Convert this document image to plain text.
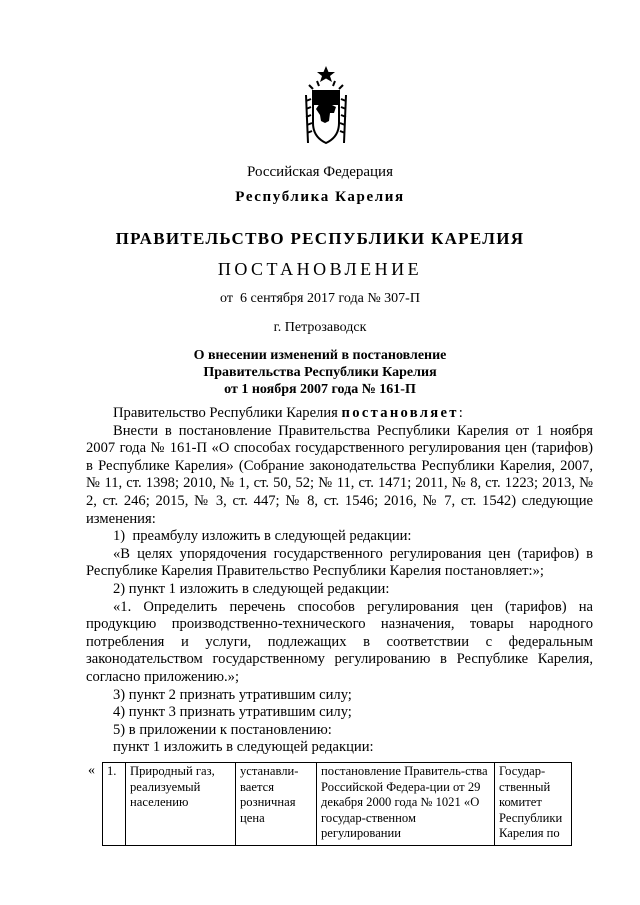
Российская Федерация
Республика Карелия
ПРАВИТЕЛЬСТВО РЕСПУБЛИКИ КАРЕЛИЯ
ПОСТАНОВЛЕНИЕ
от  6 сентября 2017 года № 307-П
г. Петрозаводск
О внесении изменений в постановление
Правительства Республики Карелия
от 1 ноября 2007 года № 161-П

Правительство Республики Карелия постановляет:

Внести в постановление Правительства Республики Карелия от 1 ноября 2007 года № 161-П «О способах государственного регулирования цен (тарифов) в Республике Карелия» (Собрание законодательства Республики Карелия, 2007, № 11, ст. 1398; 2010, № 1, ст. 50, 52; № 11, ст. 1471; 2011, № 8, ст. 1223; 2013, № 2, ст. 246; 2015, № 3, ст. 447; № 8, ст. 1546; 2016, № 7, ст. 1542) следующие изменения:

1)  преамбулу изложить в следующей редакции:

«В целях упорядочения государственного регулирования цен (тарифов) в Республике Карелия Правительство Республики Карелия постановляет:»;

2) пункт 1 изложить в следующей редакции:

«1. Определить перечень способов регулирования цен (тарифов) на продукцию производственно-технического назначения, товары народного потребления и услуги, подлежащих в соответствии с федеральным законодательством государственному регулированию в Республике Карелия, согласно приложению.»;

3) пункт 2 признать утратившим силу;

4) пункт 3 признать утратившим силу;

5) в приложении к постановлению:

пункт 1 изложить в следующей редакции:

« 1.	Природный газ, реализуемый населению	устанавли-вается розничная цена	постановление Правитель-ства Российской Федера-ции от 29 декабря 2000 года № 1021 «О государ-ственном регулировании	Государ-ственный комитет Республики Карелия по
